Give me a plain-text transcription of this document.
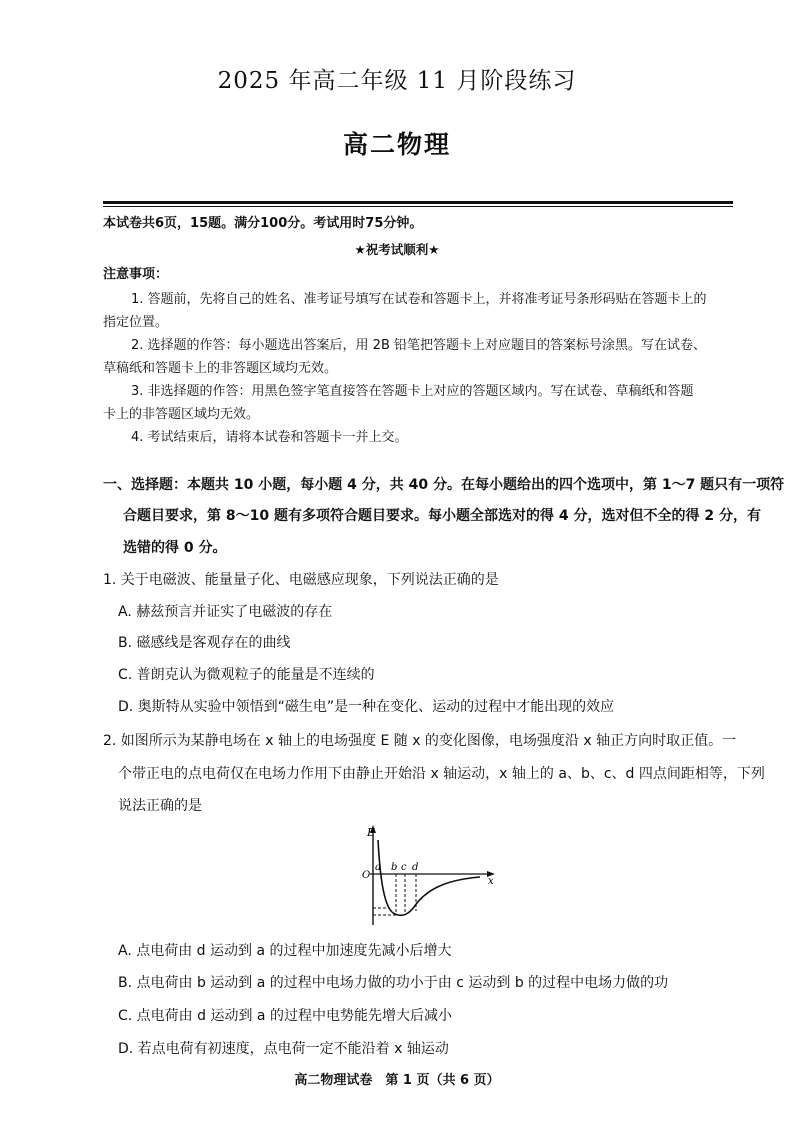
2025 年高二年级 11 月阶段练习
高二物理
本试卷共6页，15题。满分100分。考试用时75分钟。
★祝考试顺利★
注意事项：
1. 答题前，先将自己的姓名、准考证号填写在试卷和答题卡上，并将准考证号条形码贴在答题卡上的
指定位置。
2. 选择题的作答：每小题选出答案后，用 2B 铅笔把答题卡上对应题目的答案标号涂黑。写在试卷、
草稿纸和答题卡上的非答题区域均无效。
3. 非选择题的作答：用黑色签字笔直接答在答题卡上对应的答题区域内。写在试卷、草稿纸和答题
卡上的非答题区域均无效。
4. 考试结束后，请将本试卷和答题卡一并上交。
一、选择题：本题共 10 小题，每小题 4 分，共 40 分。在每小题给出的四个选项中，第 1～7 题只有一项符
合题目要求，第 8～10 题有多项符合题目要求。每小题全部选对的得 4 分，选对但不全的得 2 分，有
选错的得 0 分。
1. 关于电磁波、能量量子化、电磁感应现象，下列说法正确的是
A. 赫兹预言并证实了电磁波的存在
B. 磁感线是客观存在的曲线
C. 普朗克认为微观粒子的能量是不连续的
D. 奥斯特从实验中领悟到“磁生电”是一种在变化、运动的过程中才能出现的效应
2. 如图所示为某静电场在 x 轴上的电场强度 E 随 x 的变化图像，电场强度沿 x 轴正方向时取正值。一
个带正电的点电荷仅在电场力作用下由静止开始沿 x 轴运动，x 轴上的 a、b、c、d 四点间距相等，下列
说法正确的是
E
O
x
a b c d
A. 点电荷由 d 运动到 a 的过程中加速度先减小后增大
B. 点电荷由 b 运动到 a 的过程中电场力做的功小于由 c 运动到 b 的过程中电场力做的功
C. 点电荷由 d 运动到 a 的过程中电势能先增大后减小
D. 若点电荷有初速度，点电荷一定不能沿着 x 轴运动
高二物理试卷　第 1 页（共 6 页）
